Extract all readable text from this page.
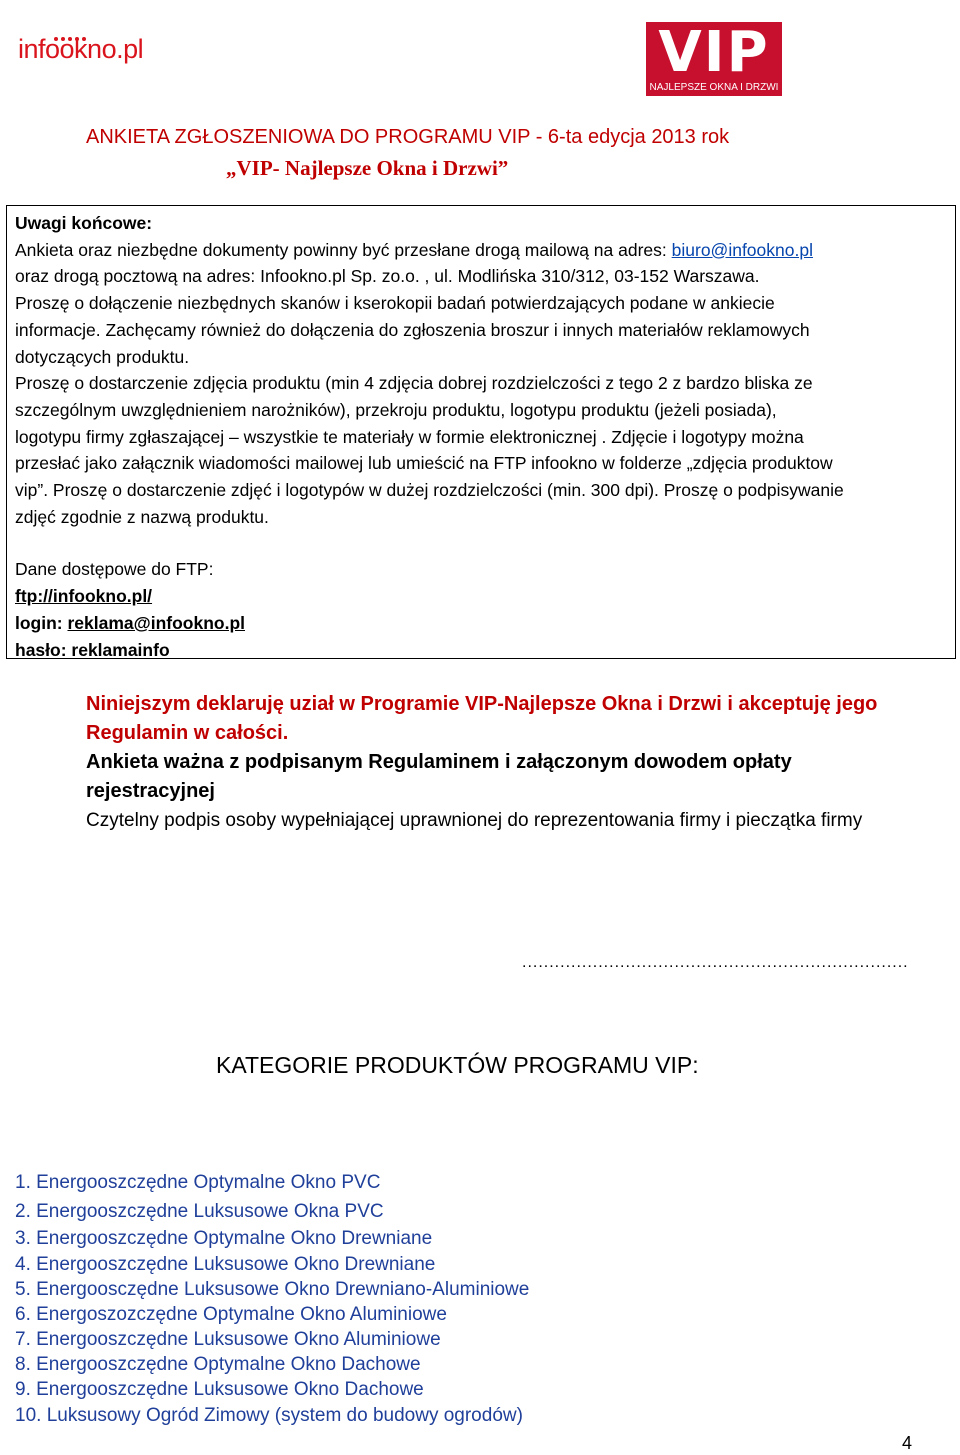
infookno.pl	VIP
NAJLEPSZE OKNA I DRZWI
ANKIETA ZGŁOSZENIOWA DO PROGRAMU VIP - 6-ta edycja 2013 rok
„VIP- Najlepsze Okna i Drzwi”
Uwagi końcowe:
Ankieta oraz niezbędne dokumenty powinny być przesłane drogą mailową na adres: biuro@infookno.pl
oraz drogą pocztową na adres: Infookno.pl Sp. zo.o. , ul. Modlińska 310/312, 03-152 Warszawa.
Proszę o dołączenie niezbędnych skanów i kserokopii badań potwierdzających podane w ankiecie
informacje. Zachęcamy również do dołączenia do zgłoszenia broszur i innych materiałów reklamowych
dotyczących produktu.
Proszę o dostarczenie zdjęcia produktu (min 4 zdjęcia dobrej rozdzielczości z tego 2 z bardzo bliska ze
szczególnym uwzględnieniem narożników), przekroju produktu, logotypu produktu (jeżeli posiada),
logotypu firmy zgłaszającej – wszystkie te materiały w formie elektronicznej . Zdjęcie i logotypy można
przesłać jako załącznik wiadomości mailowej lub umieścić na FTP infookno w folderze „zdjęcia produktow
vip”. Proszę o dostarczenie zdjęć i logotypów w dużej rozdzielczości (min. 300 dpi). Proszę o podpisywanie
zdjęć zgodnie z nazwą produktu.
Dane dostępowe do FTP:
ftp://infookno.pl/
login: reklama@infookno.pl
hasło: reklamainfo
Niniejszym deklaruję uział w Programie VIP-Najlepsze Okna i Drzwi i akceptuję jego Regulamin w całości.
Ankieta ważna z podpisanym Regulaminem i załączonym dowodem opłaty rejestracyjnej
Czytelny podpis osoby wypełniającej uprawnionej do reprezentowania firmy i pieczątka firmy
.......................................................................
KATEGORIE PRODUKTÓW PROGRAMU VIP:
1. Energooszczędne Optymalne Okno PVC
2. Energooszczędne Luksusowe Okna PVC
3. Energooszczędne Optymalne Okno Drewniane
4. Energooszczędne Luksusowe Okno Drewniane
5. Energoosczędne Luksusowe Okno Drewniano-Aluminiowe
6. Energoszozczędne Optymalne Okno Aluminiowe
7. Energooszczędne Luksusowe Okno Aluminiowe
8. Energooszczędne Optymalne Okno Dachowe
9. Energooszczędne Luksusowe Okno Dachowe
10. Luksusowy Ogród Zimowy (system do budowy ogrodów)
4
